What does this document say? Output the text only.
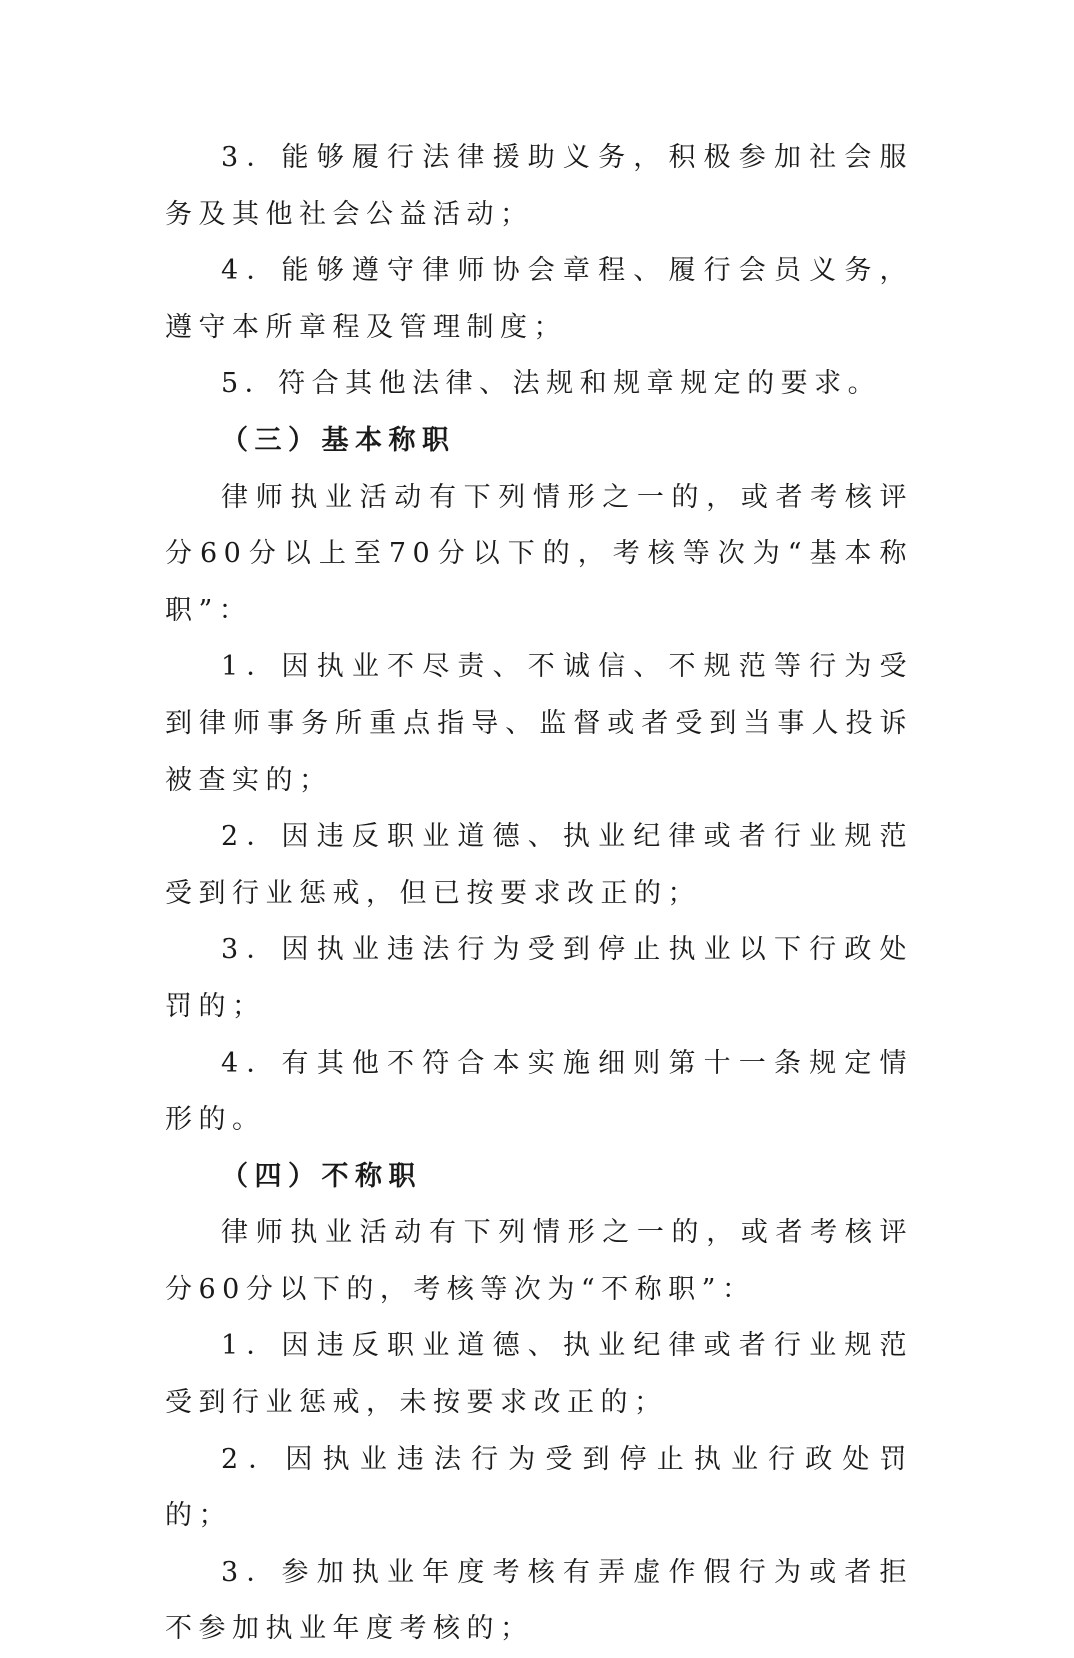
3．能够履行法律援助义务，积极参加社会服务及其他社会公益活动；

4．能够遵守律师协会章程、履行会员义务，遵守本所章程及管理制度；

5．符合其他法律、法规和规章规定的要求。

（三）基本称职

律师执业活动有下列情形之一的，或者考核评分60分以上至70分以下的，考核等次为“基本称职”：

1．因执业不尽责、不诚信、不规范等行为受到律师事务所重点指导、监督或者受到当事人投诉被查实的；

2．因违反职业道德、执业纪律或者行业规范受到行业惩戒，但已按要求改正的；

3．因执业违法行为受到停止执业以下行政处罚的；

4．有其他不符合本实施细则第十一条规定情形的。

（四）不称职

律师执业活动有下列情形之一的，或者考核评分60分以下的，考核等次为“不称职”：

1．因违反职业道德、执业纪律或者行业规范受到行业惩戒，未按要求改正的；

2．因执业违法行为受到停止执业行政处罚的；

3．参加执业年度考核有弄虚作假行为或者拒不参加执业年度考核的；
